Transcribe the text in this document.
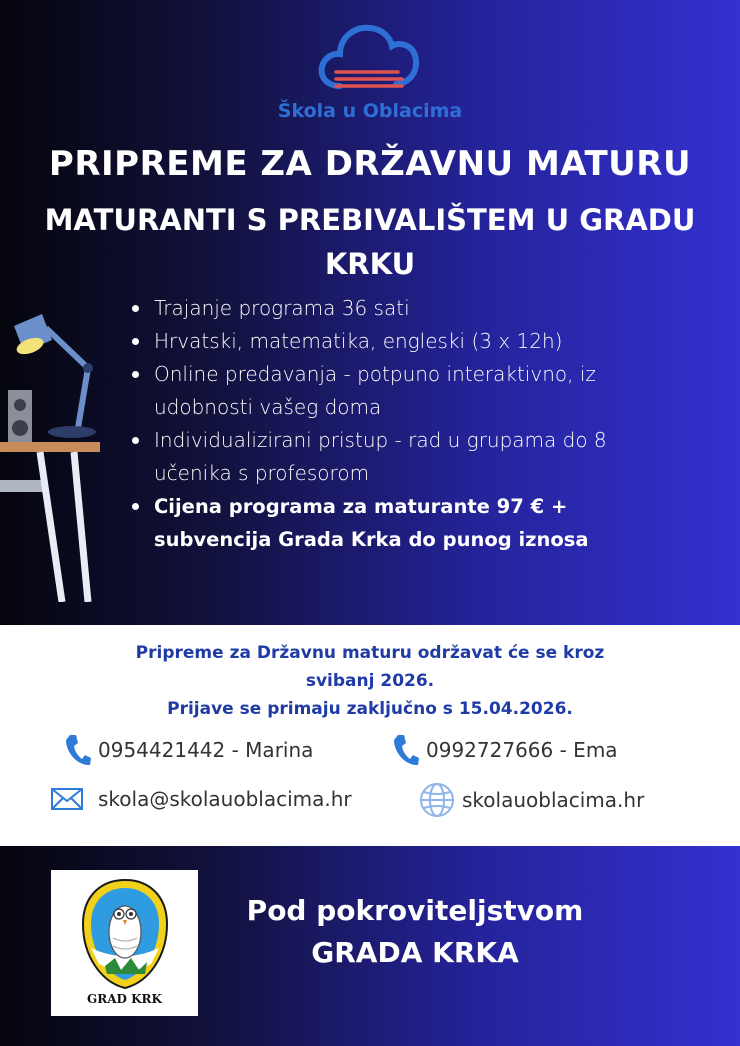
Škola u Oblacima
PRIPREME ZA DRŽAVNU MATURU
MATURANTI S PREBIVALIŠTEM U GRADU
KRKU
Trajanje programa 36 sati
Hrvatski, matematika, engleski (3 x 12h)
Online predavanja - potpuno interaktivno, iz udobnosti vašeg doma
Individualizirani pristup - rad u grupama do 8 učenika s profesorom
Cijena programa za maturante 97 € + subvencija Grada Krka do punog iznosa
Pripreme za Državnu maturu održavat će se kroz
svibanj 2026.
Prijave se primaju zaključno s 15.04.2026.
0954421442 - Marina	0992727666 - Ema
skola@skolauoblacima.hr	skolauoblacima.hr
GRAD KRK
Pod pokroviteljstvom
GRADA KRKA
